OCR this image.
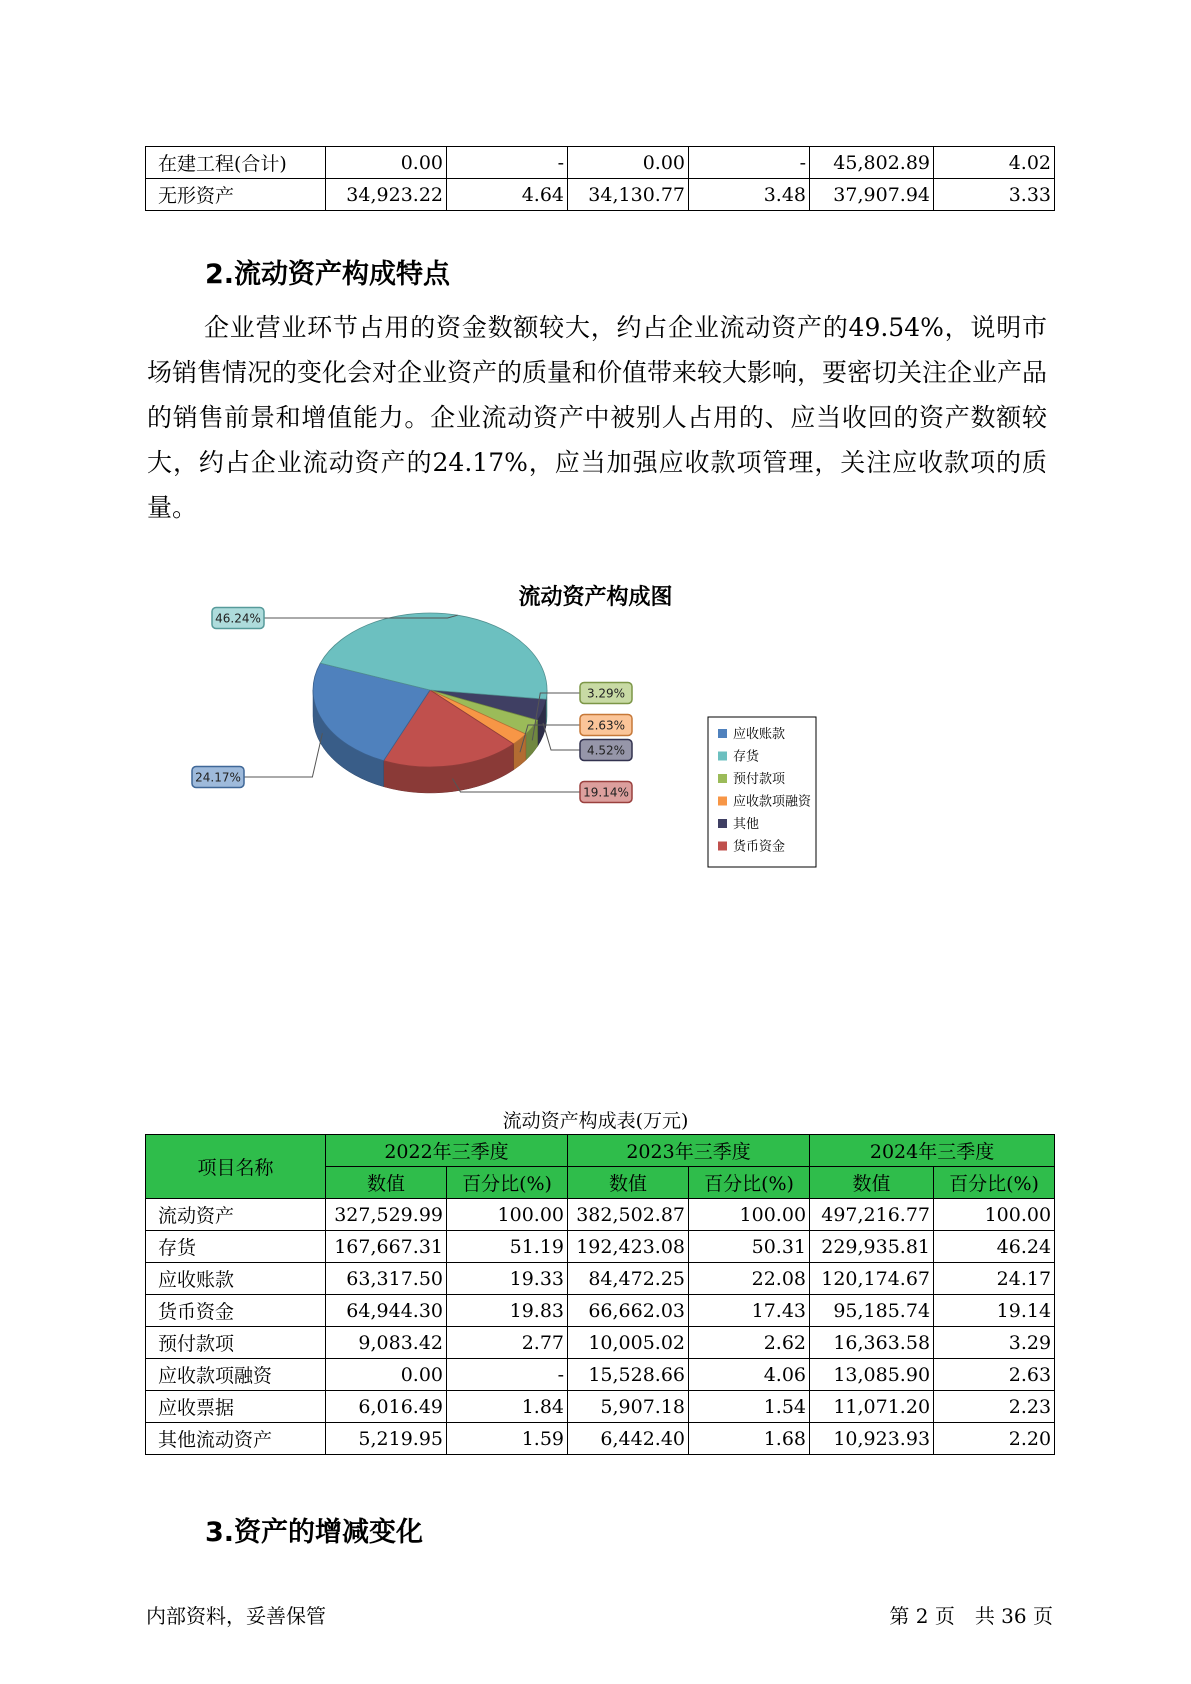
在建工程(合计)	0.00	-	0.00	-	45,802.89	4.02
无形资产	34,923.22	4.64	34,130.77	3.48	37,907.94	3.33
2.流动资产构成特点

企业营业环节占用的资金数额较大，约占企业流动资产的49.54%，说明市场销售情况的变化会对企业资产的质量和价值带来较大影响，要密切关注企业产品的销售前景和增值能力。企业流动资产中被别人占用的、应当收回的资产数额较大，约占企业流动资产的24.17%，应当加强应收款项管理，关注应收款项的质量。

流动资产构成图
4.52%
3.29%
2.63%
19.14%
24.17%
46.24%
应收账款
存货
预付款项
应收款项融资
其他
货币资金
流动资产构成表(万元)
项目名称	2022年三季度		2023年三季度		2024年三季度	
	数值	百分比(%)	数值	百分比(%)	数值	百分比(%)
流动资产	327,529.99	100.00	382,502.87	100.00	497,216.77	100.00
存货	167,667.31	51.19	192,423.08	50.31	229,935.81	46.24
应收账款	63,317.50	19.33	84,472.25	22.08	120,174.67	24.17
货币资金	64,944.30	19.83	66,662.03	17.43	95,185.74	19.14
预付款项	9,083.42	2.77	10,005.02	2.62	16,363.58	3.29
应收款项融资	0.00	-	15,528.66	4.06	13,085.90	2.63
应收票据	6,016.49	1.84	5,907.18	1.54	11,071.20	2.23
其他流动资产	5,219.95	1.59	6,442.40	1.68	10,923.93	2.20
3.资产的增减变化
内部资料，妥善保管	第 2 页　共 36 页
